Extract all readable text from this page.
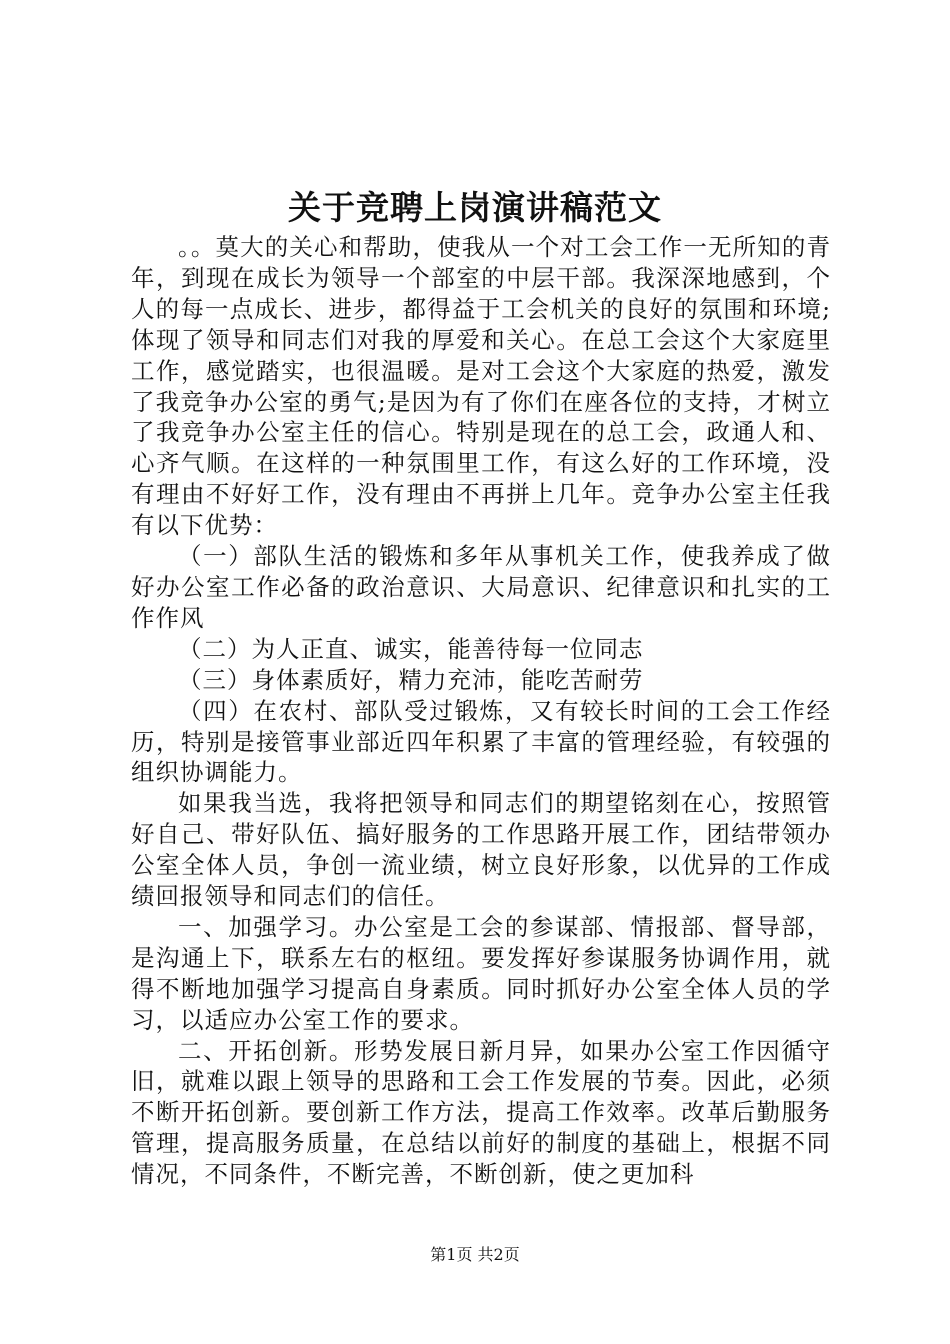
关于竞聘上岗演讲稿范文

。。莫大的关心和帮助，使我从一个对工会工作一无所知的青年，到现在成长为领导一个部室的中层干部。我深深地感到，个人的每一点成长、进步，都得益于工会机关的良好的氛围和环境;体现了领导和同志们对我的厚爱和关心。在总工会这个大家庭里工作，感觉踏实，也很温暖。是对工会这个大家庭的热爱，激发了我竞争办公室的勇气;是因为有了你们在座各位的支持，才树立了我竞争办公室主任的信心。特别是现在的总工会，政通人和、心齐气顺。在这样的一种氛围里工作，有这么好的工作环境，没有理由不好好工作，没有理由不再拼上几年。竞争办公室主任我有以下优势：

（一）部队生活的锻炼和多年从事机关工作，使我养成了做好办公室工作必备的政治意识、大局意识、纪律意识和扎实的工作作风

（二）为人正直、诚实，能善待每一位同志

（三）身体素质好，精力充沛，能吃苦耐劳

（四）在农村、部队受过锻炼，又有较长时间的工会工作经历，特别是接管事业部近四年积累了丰富的管理经验，有较强的组织协调能力。

如果我当选，我将把领导和同志们的期望铭刻在心，按照管好自己、带好队伍、搞好服务的工作思路开展工作，团结带领办公室全体人员，争创一流业绩，树立良好形象，以优异的工作成绩回报领导和同志们的信任。

一、加强学习。办公室是工会的参谋部、情报部、督导部，是沟通上下，联系左右的枢纽。要发挥好参谋服务协调作用，就得不断地加强学习提高自身素质。同时抓好办公室全体人员的学习，以适应办公室工作的要求。

二、开拓创新。形势发展日新月异，如果办公室工作因循守旧，就难以跟上领导的思路和工会工作发展的节奏。因此，必须不断开拓创新。要创新工作方法，提高工作效率。改革后勤服务管理，提高服务质量，在总结以前好的制度的基础上，根据不同情况，不同条件，不断完善，不断创新，使之更加科

第1页 共2页
